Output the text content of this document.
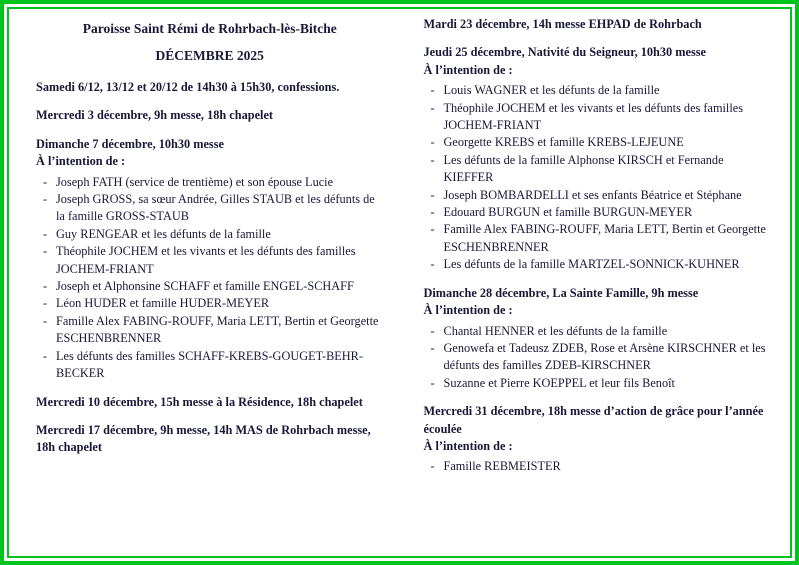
Paroisse Saint Rémi de Rohrbach-lès-Bitche
DÉCEMBRE 2025
Samedi 6/12, 13/12 et 20/12 de 14h30 à 15h30, confessions.
Mercredi 3 décembre, 9h messe, 18h chapelet
Dimanche 7 décembre, 10h30 messe
À l’intention de :
- Joseph FATH (service de trentième) et son épouse Lucie
- Joseph GROSS, sa sœur Andrée, Gilles STAUB et les défunts de la famille GROSS-STAUB
- Guy RENGEAR et les défunts de la famille
- Théophile JOCHEM et les vivants et les défunts des familles JOCHEM-FRIANT
- Joseph et Alphonsine SCHAFF et famille ENGEL-SCHAFF
- Léon HUDER et famille HUDER-MEYER
- Famille Alex FABING-ROUFF, Maria LETT, Bertin et Georgette ESCHENBRENNER
- Les défunts des familles SCHAFF-KREBS-GOUGET-BEHR-BECKER
Mercredi 10 décembre, 15h messe à la Résidence, 18h chapelet
Mercredi 17 décembre, 9h messe, 14h MAS de Rohrbach messe, 18h chapelet
Mardi 23 décembre, 14h messe EHPAD de Rohrbach
Jeudi 25 décembre, Nativité du Seigneur, 10h30 messe
À l’intention de :
- Louis WAGNER et les défunts de la famille
- Théophile JOCHEM et les vivants et les défunts des familles JOCHEM-FRIANT
- Georgette KREBS et famille KREBS-LEJEUNE
- Les défunts de la famille Alphonse KIRSCH et Fernande KIEFFER
- Joseph BOMBARDELLI et ses enfants Béatrice et Stéphane
- Edouard BURGUN et famille BURGUN-MEYER
- Famille Alex FABING-ROUFF, Maria LETT, Bertin et Georgette ESCHENBRENNER
- Les défunts de la famille MARTZEL-SONNICK-KUHNER
Dimanche 28 décembre, La Sainte Famille, 9h messe
À l’intention de :
- Chantal HENNER et les défunts de la famille
- Genowefa et Tadeusz ZDEB, Rose et Arsène KIRSCHNER et les défunts des familles ZDEB-KIRSCHNER
- Suzanne et Pierre KOEPPEL et leur fils Benoît
Mercredi 31 décembre, 18h messe d’action de grâce pour l’année écoulée
À l’intention de :
- Famille REBMEISTER
